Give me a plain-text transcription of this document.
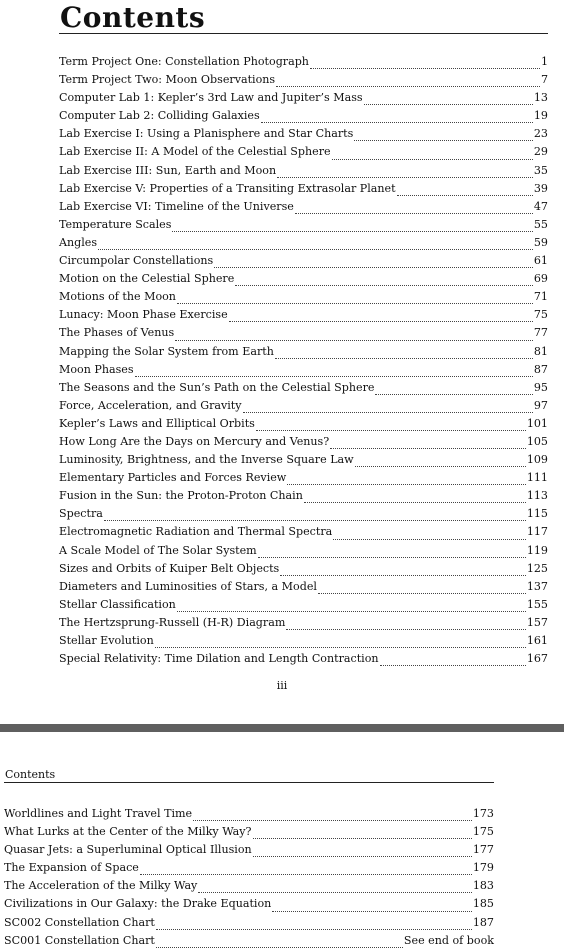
Contents
Term Project One: Constellation Photograph	1
Term Project Two: Moon Observations	7
Computer Lab 1: Kepler’s 3rd Law and Jupiter’s Mass	13
Computer Lab 2: Colliding Galaxies	19
Lab Exercise I: Using a Planisphere and Star Charts	23
Lab Exercise II: A Model of the Celestial Sphere	29
Lab Exercise III: Sun, Earth and Moon	35
Lab Exercise V: Properties of a Transiting Extrasolar Planet	39
Lab Exercise VI: Timeline of the Universe	47
Temperature Scales	55
Angles	59
Circumpolar Constellations	61
Motion on the Celestial Sphere	69
Motions of the Moon	71
Lunacy: Moon Phase Exercise	75
The Phases of Venus	77
Mapping the Solar System from Earth	81
Moon Phases	87
The Seasons and the Sun’s Path on the Celestial Sphere	95
Force, Acceleration, and Gravity	97
Kepler’s Laws and Elliptical Orbits	101
How Long Are the Days on Mercury and Venus?	105
Luminosity, Brightness, and the Inverse Square Law	109
Elementary Particles and Forces Review	111
Fusion in the Sun: the Proton-Proton Chain	113
Spectra	115
Electromagnetic Radiation and Thermal Spectra	117
A Scale Model of The Solar System	119
Sizes and Orbits of Kuiper Belt Objects	125
Diameters and Luminosities of Stars, a Model	137
Stellar Classification	155
The Hertzsprung-Russell (H-R) Diagram	157
Stellar Evolution	161
Special Relativity: Time Dilation and Length Contraction	167
iii
Contents
Worldlines and Light Travel Time	173
What Lurks at the Center of the Milky Way?	175
Quasar Jets: a Superluminal Optical Illusion	177
The Expansion of Space	179
The Acceleration of the Milky Way	183
Civilizations in Our Galaxy: the Drake Equation	185
SC002 Constellation Chart	187
SC001 Constellation Chart	See end of book
